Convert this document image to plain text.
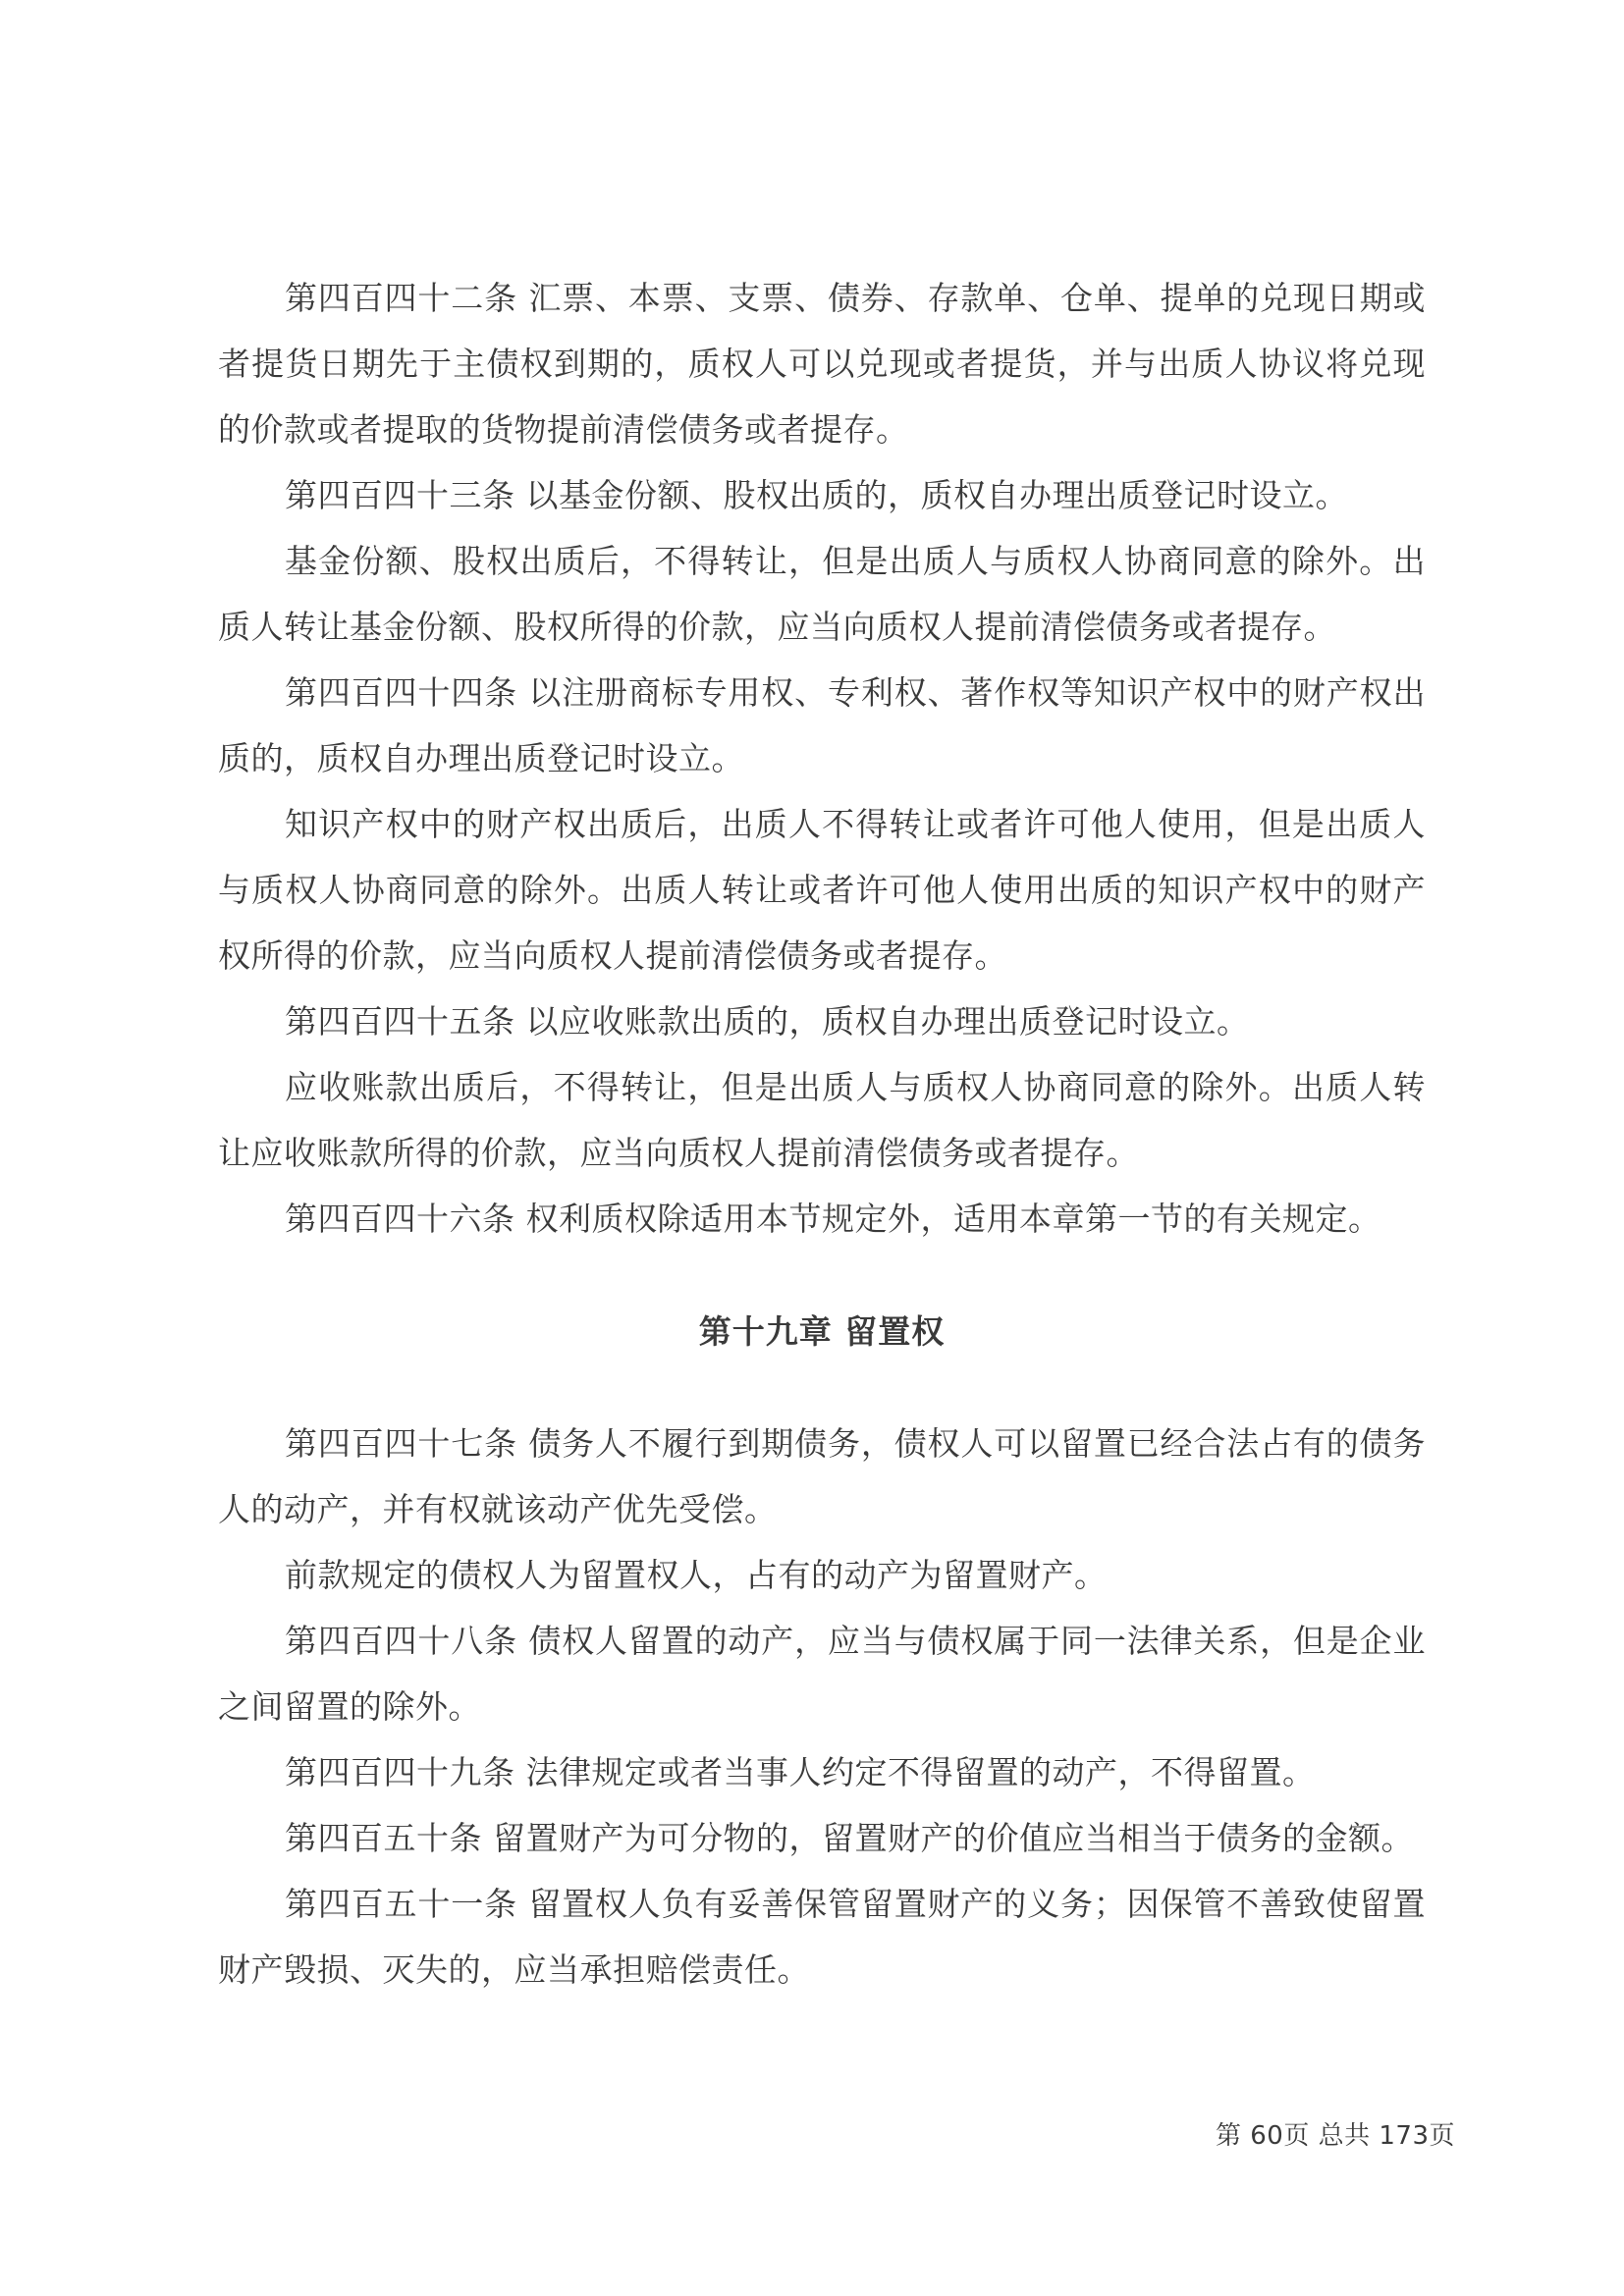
第四百四十二条 汇票、本票、支票、债券、存款单、仓单、提单的兑现日期或者提货日期先于主债权到期的，质权人可以兑现或者提货，并与出质人协议将兑现的价款或者提取的货物提前清偿债务或者提存。

第四百四十三条 以基金份额、股权出质的，质权自办理出质登记时设立。

基金份额、股权出质后，不得转让，但是出质人与质权人协商同意的除外。出质人转让基金份额、股权所得的价款，应当向质权人提前清偿债务或者提存。

第四百四十四条 以注册商标专用权、专利权、著作权等知识产权中的财产权出质的，质权自办理出质登记时设立。

知识产权中的财产权出质后，出质人不得转让或者许可他人使用，但是出质人与质权人协商同意的除外。出质人转让或者许可他人使用出质的知识产权中的财产权所得的价款，应当向质权人提前清偿债务或者提存。

第四百四十五条 以应收账款出质的，质权自办理出质登记时设立。

应收账款出质后，不得转让，但是出质人与质权人协商同意的除外。出质人转让应收账款所得的价款，应当向质权人提前清偿债务或者提存。

第四百四十六条 权利质权除适用本节规定外，适用本章第一节的有关规定。

第十九章 留置权

第四百四十七条 债务人不履行到期债务，债权人可以留置已经合法占有的债务人的动产，并有权就该动产优先受偿。

前款规定的债权人为留置权人，占有的动产为留置财产。

第四百四十八条 债权人留置的动产，应当与债权属于同一法律关系，但是企业之间留置的除外。

第四百四十九条 法律规定或者当事人约定不得留置的动产，不得留置。

第四百五十条 留置财产为可分物的，留置财产的价值应当相当于债务的金额。

第四百五十一条 留置权人负有妥善保管留置财产的义务；因保管不善致使留置财产毁损、灭失的，应当承担赔偿责任。

第 60页 总共 173页
